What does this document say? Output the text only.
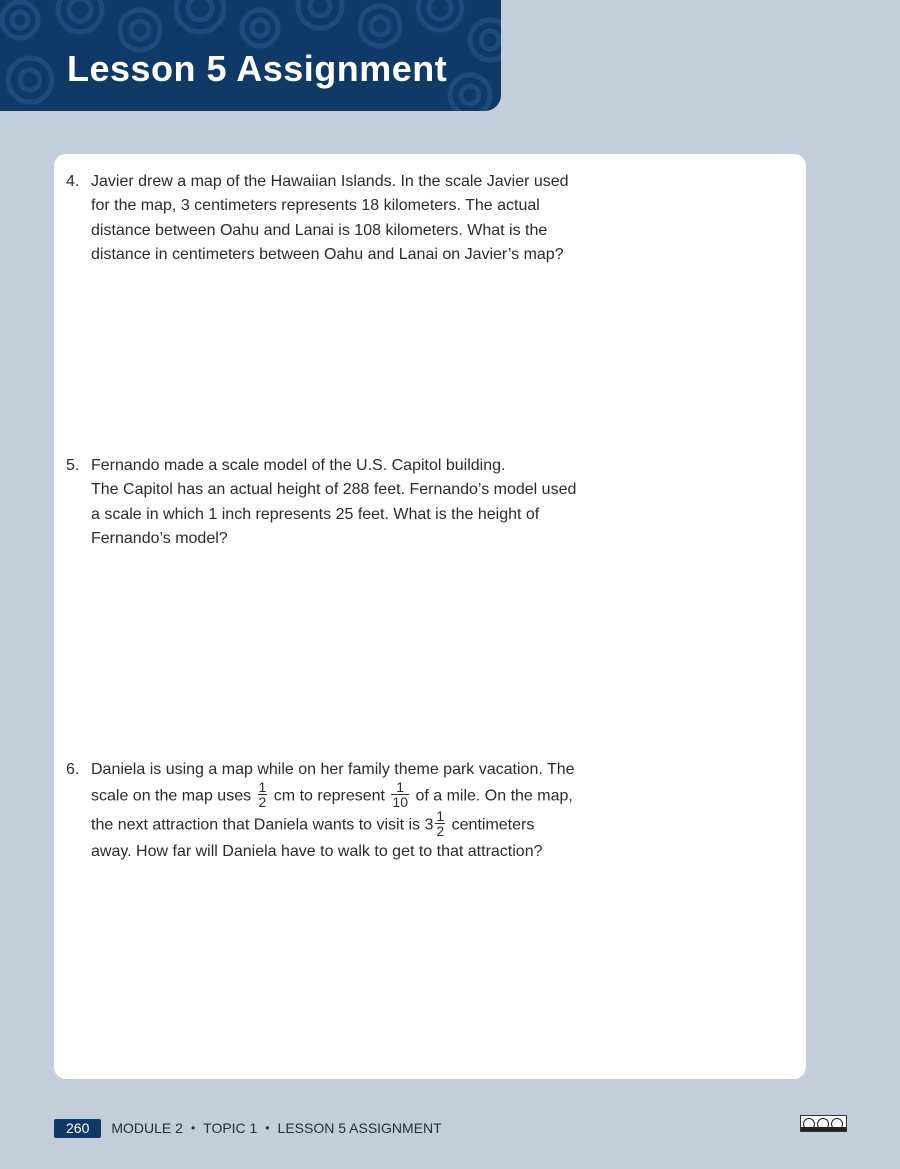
Lesson 5 Assignment
4. Javier drew a map of the Hawaiian Islands. In the scale Javier used
for the map, 3 centimeters represents 18 kilometers. The actual
distance between Oahu and Lanai is 108 kilometers. What is the
distance in centimeters between Oahu and Lanai on Javier’s map?
5. Fernando made a scale model of the U.S. Capitol building.
The Capitol has an actual height of 288 feet. Fernando’s model used
a scale in which 1 inch represents 25 feet. What is the height of
Fernando’s model?
6. Daniela is using a map while on her family theme park vacation. The
scale on the map uses $\frac{1}{2}$ cm to represent $\frac{1}{10}$ of a mile. On the map,
the next attraction that Daniela wants to visit is $3 \frac{1}{2}$ centimeters
away. How far will Daniela have to walk to get to that attraction?
260	MODULE 2 • TOPIC 1 • LESSON 5 ASSIGNMENT
